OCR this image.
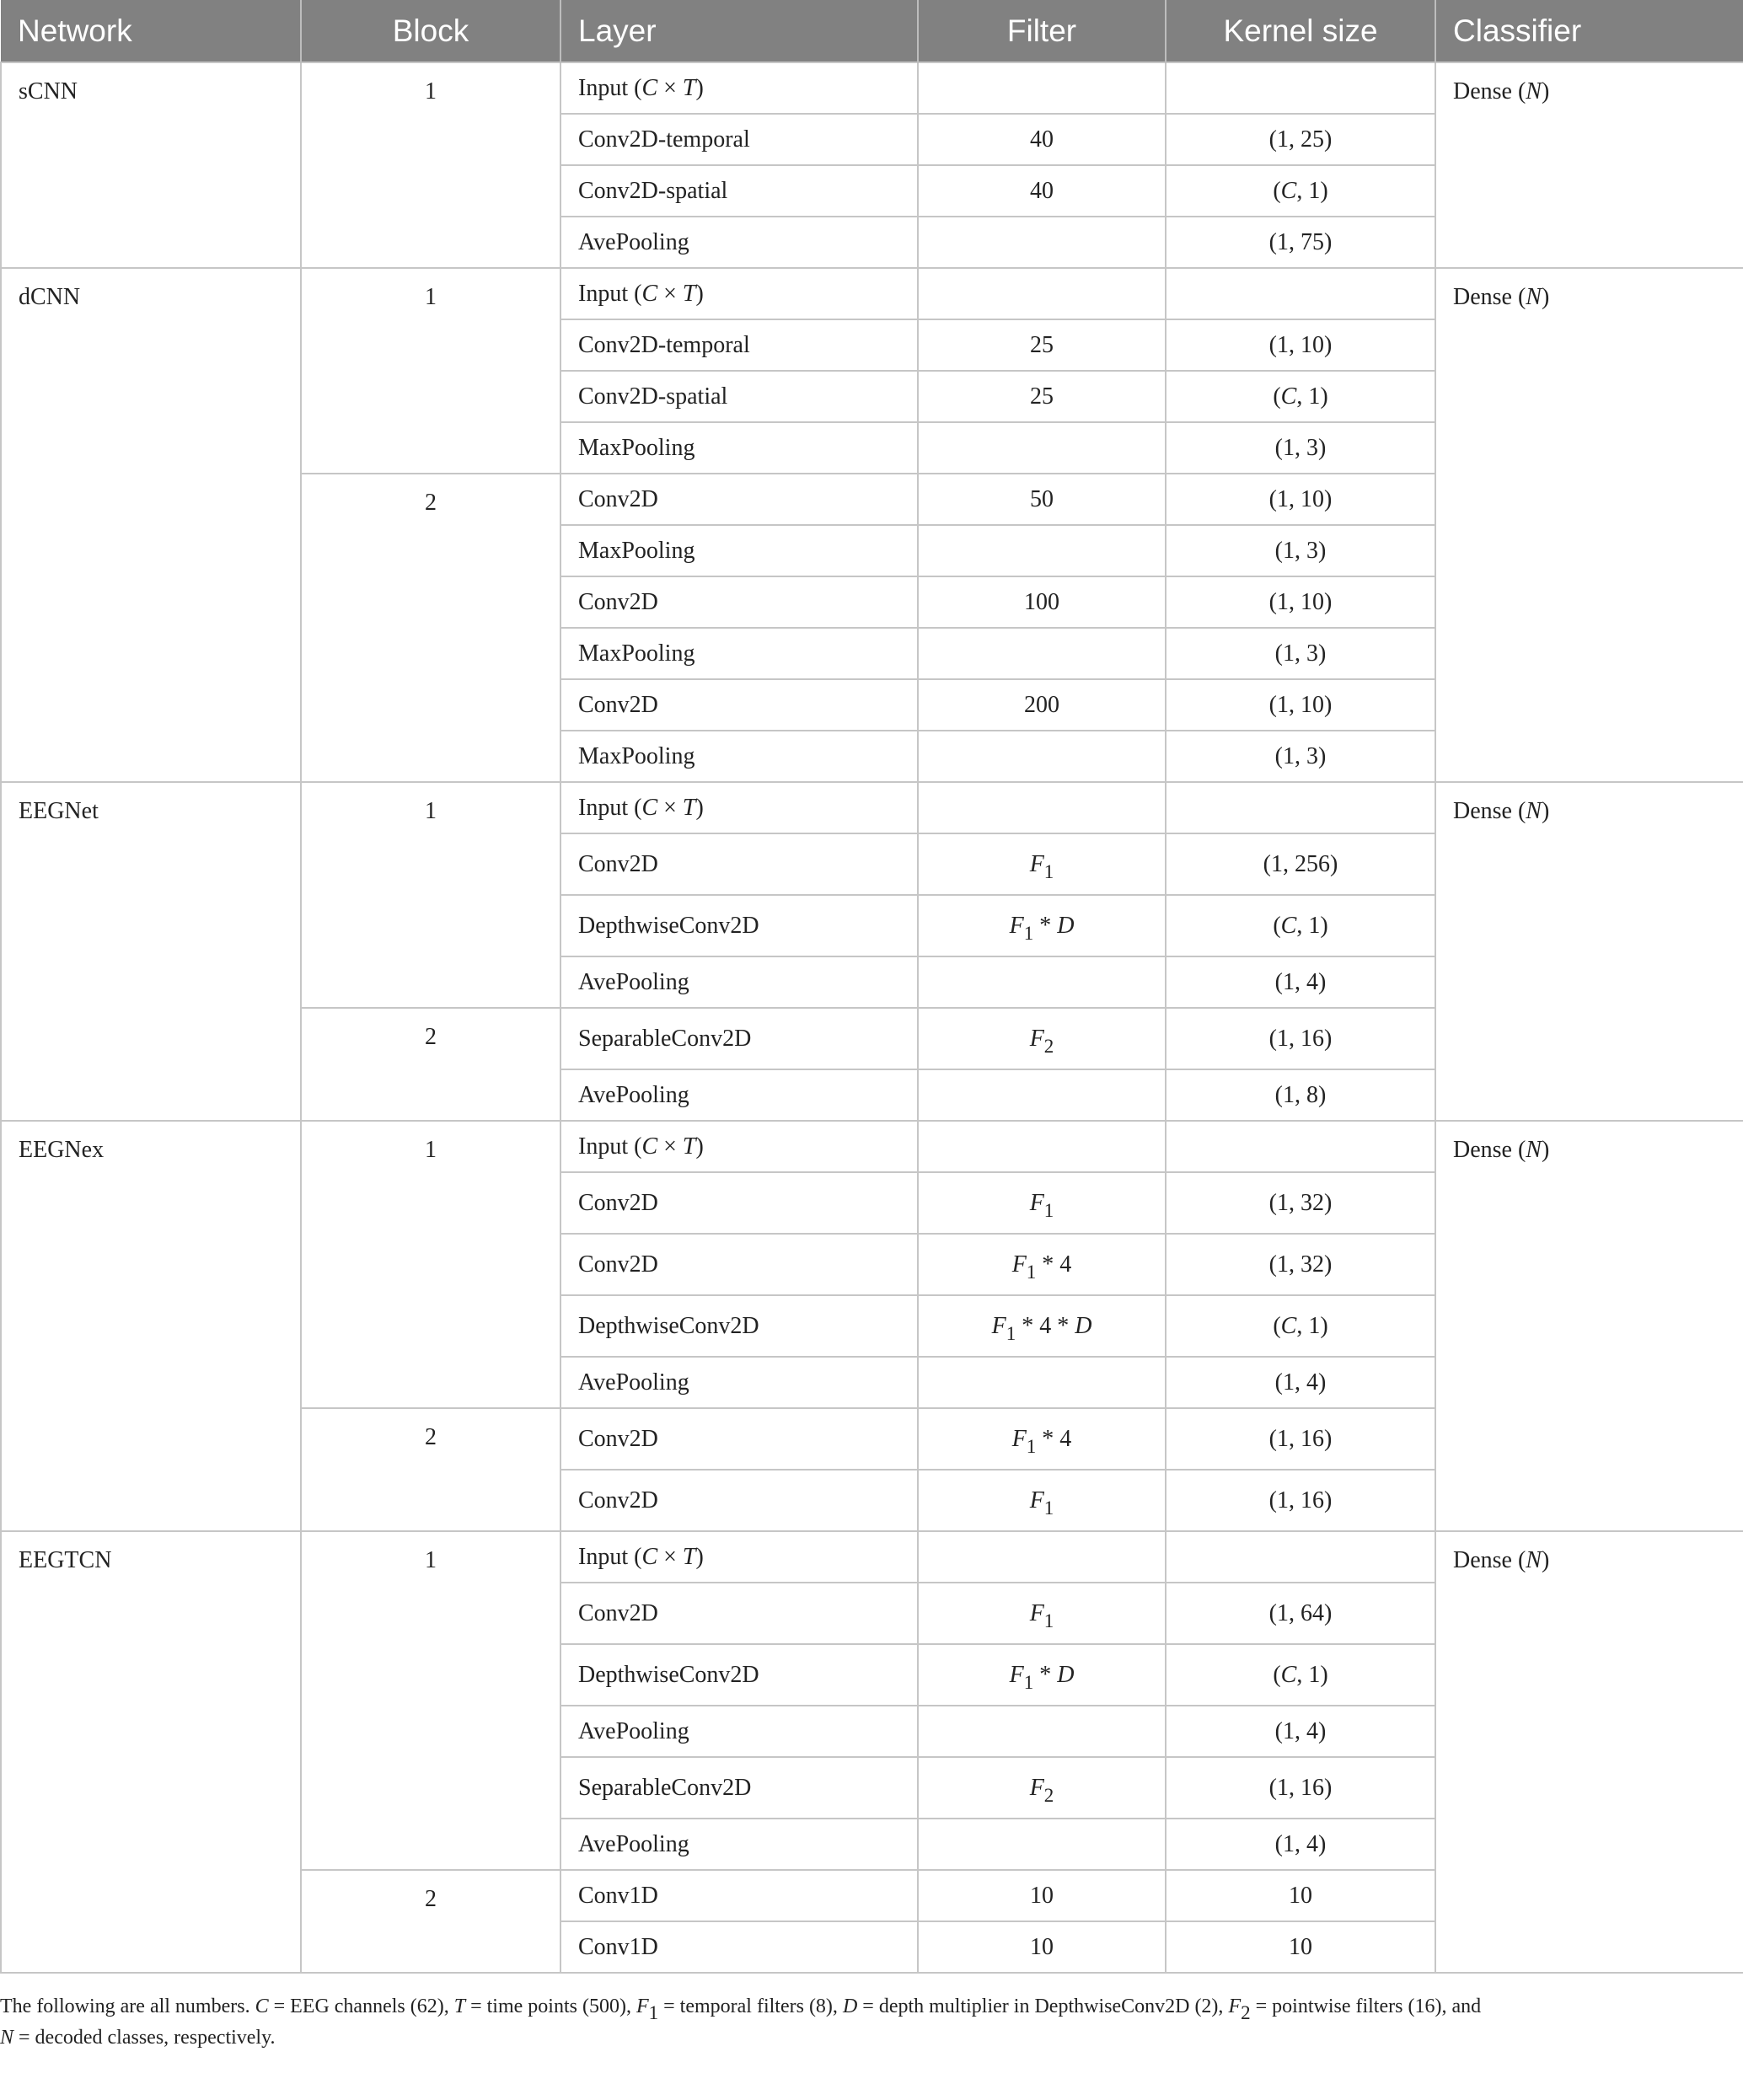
Network	Block	Layer	Filter	Kernel size	Classifier
sCNN	1	Input (C × T)			Dense (N)
		Conv2D-temporal	40	(1, 25)	
		Conv2D-spatial	40	(C, 1)	
		AvePooling		(1, 75)	
dCNN	1	Input (C × T)			Dense (N)
		Conv2D-temporal	25	(1, 10)	
		Conv2D-spatial	25	(C, 1)	
		MaxPooling		(1, 3)	
	2	Conv2D	50	(1, 10)	
		MaxPooling		(1, 3)	
		Conv2D	100	(1, 10)	
		MaxPooling		(1, 3)	
		Conv2D	200	(1, 10)	
		MaxPooling		(1, 3)	
EEGNet	1	Input (C × T)			Dense (N)
		Conv2D	$F_1$	(1, 256)	
		DepthwiseConv2D	$F_1$ * D	(C, 1)	
		AvePooling		(1, 4)	
	2	SeparableConv2D	$F_2$	(1, 16)	
		AvePooling		(1, 8)	
EEGNex	1	Input (C × T)			Dense (N)
		Conv2D	$F_1$	(1, 32)	
		Conv2D	$F_1 * 4$	(1, 32)	
		DepthwiseConv2D	$F_1 * 4$ * D	(C, 1)	
		AvePooling		(1, 4)	
	2	Conv2D	$F_1 * 4$	(1, 16)	
		Conv2D	$F_1$	(1, 16)	
EEGTCN	1	Input (C × T)			Dense (N)
		Conv2D	$F_1$	(1, 64)	
		DepthwiseConv2D	$F_1$ * D	(C, 1)	
		AvePooling		(1, 4)	
		SeparableConv2D	$F_2$	(1, 16)	
		AvePooling		(1, 4)	
	2	Conv1D	10	10	
		Conv1D	10	10	
The following are all numbers. C = EEG channels (62), T = time points (500), F1 = temporal filters (8), D = depth multiplier in DepthwiseConv2D (2), F2 = pointwise filters (16), and
N = decoded classes, respectively.
